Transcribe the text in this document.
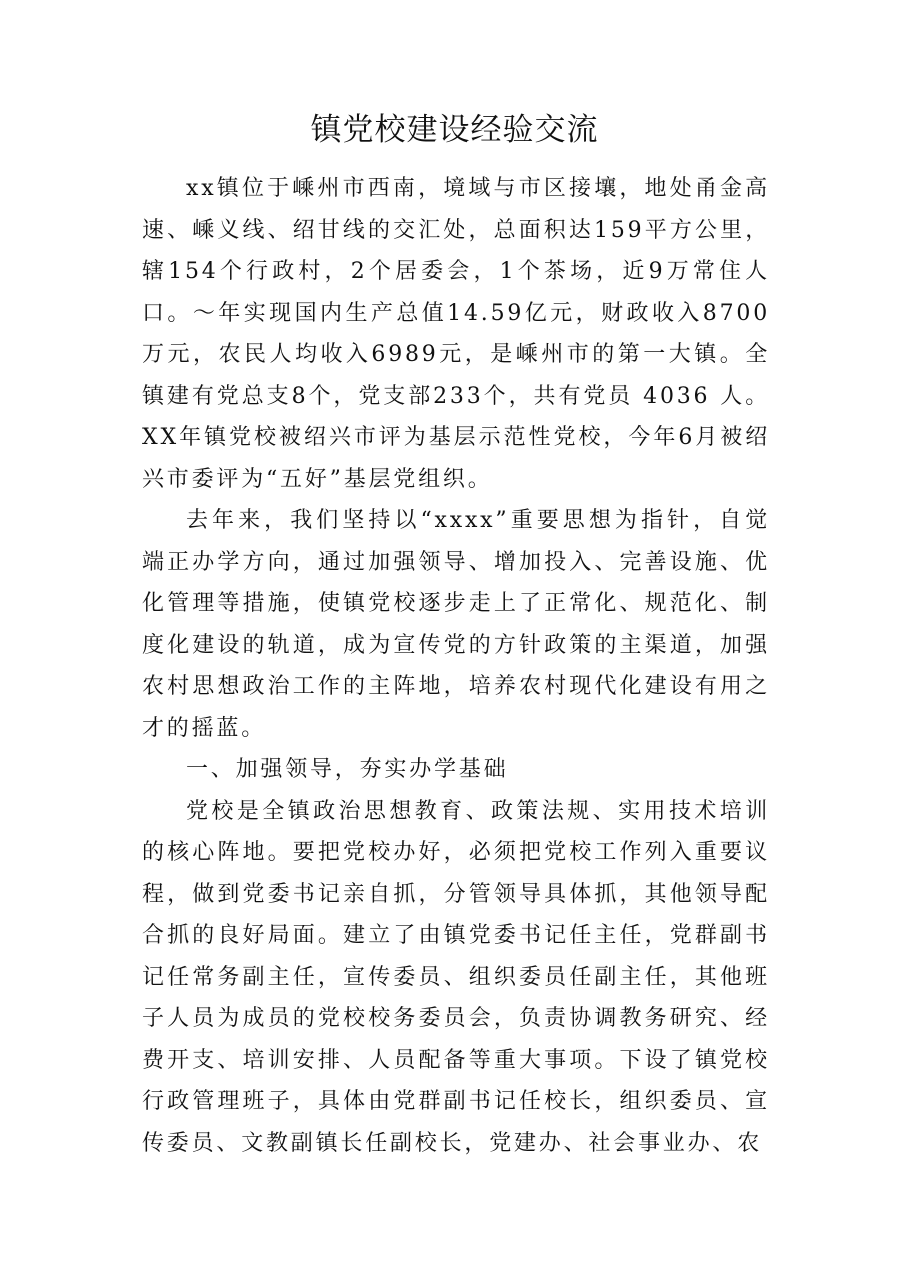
镇党校建设经验交流

xx镇位于嵊州市西南，境域与市区接壤，地处甬金高速、嵊义线、绍甘线的交汇处，总面积达159平方公里，辖154个行政村，2个居委会，1个茶场，近9万常住人口。～年实现国内生产总值14.59亿元，财政收入8700万元，农民人均收入6989元，是嵊州市的第一大镇。全镇建有党总支8个，党支部233个，共有党员 4036 人。XX年镇党校被绍兴市评为基层示范性党校，今年6月被绍兴市委评为“五好”基层党组织。

去年来，我们坚持以“xxxx”重要思想为指针，自觉端正办学方向，通过加强领导、增加投入、完善设施、优化管理等措施，使镇党校逐步走上了正常化、规范化、制度化建设的轨道，成为宣传党的方针政策的主渠道，加强农村思想政治工作的主阵地，培养农村现代化建设有用之才的摇蓝。

一、加强领导，夯实办学基础

党校是全镇政治思想教育、政策法规、实用技术培训的核心阵地。要把党校办好，必须把党校工作列入重要议程，做到党委书记亲自抓，分管领导具体抓，其他领导配合抓的良好局面。建立了由镇党委书记任主任，党群副书记任常务副主任，宣传委员、组织委员任副主任，其他班子人员为成员的党校校务委员会，负责协调教务研究、经费开支、培训安排、人员配备等重大事项。下设了镇党校行政管理班子，具体由党群副书记任校长，组织委员、宣传委员、文教副镇长任副校长，党建办、社会事业办、农
